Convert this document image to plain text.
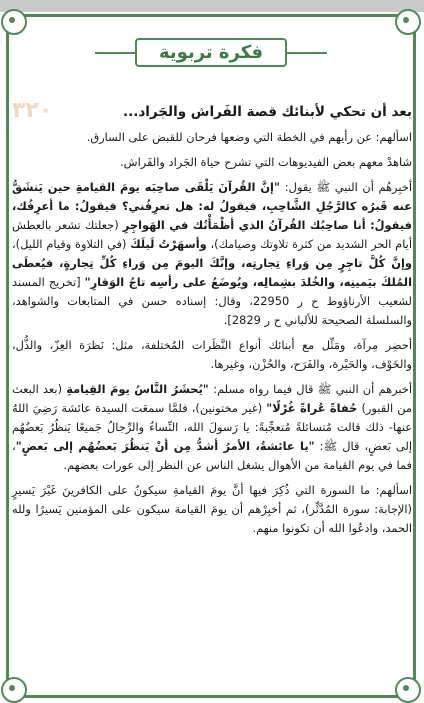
فكرة تربوية
٣٢٠	بعد أن تحكي لأبنائك قصة الفَراش والجَراد...

اسألهم: عن رأيهم في الخطة التي وضعها فرحان للقبض على السارق.

شاهدْ معهم بعض الفيديوهات التي تشرح حياة الجَراد والفَراش.

أخبِرهُم أن النبي ﷺ يقول: "إنَّ القُرآنَ يَلْقَى صاحِبَه يومَ القيامةِ حين يَنشَقُّ عنه قَبرُه كالرَّجُلِ الشَّاحِبِ، فيقولُ له: هل تعرِفُني؟ فيقولُ: ما أعرِفُك، فيقولُ: أنا صاحِبُك القُرآنُ الذي أظْمَأْتُك في الهَواجِرِ (جعلتك تشعر بالعطش أيام الحر الشديد من كثرة تلاوتك وصيامك)، وأسهَرْتُ لَيلَكَ (في التلاوة وقيام الليل)، وإنَّ كُلَّ تاجِرٍ مِن وَراءِ تِجارتِه، وإنَّكَ اليومَ مِن وَراءِ كُلِّ تِجارةٍ، فيُعطَى المُلكَ بيَمينِه، والخُلدَ بشِمالِه، ويُوضَعُ على رأسِه تاجُ الوَقارِ" [تخريج المسند لشعيب الأرناؤوط ح ر 22950، وقال: إسناده حسن في المتابعات والشواهد، والسلسلة الصحيحة للألباني ح ر 2829].

أحضِر مِرآة، ومَثِّل مع أبنائك أنواع النَّظَرات المُختلفة، مثل: نَظرَة العِزّ، والذُّل، والخَوْف، والحَيْرة، والفَرَح، والحُزْن، وغيرها.

أخبرهم أن النبي ﷺ قال فيما رواه مسلم: "يُحشَرُ النَّاسُ يومَ القِيامةِ (بعد البعث من القبور) حُفاةً عُراةً غُرْلًا" (غير مختونين)، فلمَّا سمعَت السيدة عائشة رَضِيَ اللهُ عنها- ذلك قالت مُتسائلةً مُتعجِّبةً: يا رَسولَ الله، النِّساءُ والرِّجالُ جَميعًا يَنظُرُ بَعضُهُم إلى بَعضٍ، قال ﷺ: "يا عائشةُ، الأمرُ أشدُّ مِن أنْ يَنظُرَ بَعضُهُم إلى بَعضٍ"، فما في يوم القيامة من الأهوال يشغل الناس عن النظر إلى عورات بعضهم.

اسألهم: ما السورة التي ذُكِرَ فيها أنَّ يومَ القيامةِ سيكونُ على الكافرينَ غَيْرَ يَسيرٍ (الإجابة: سورة المُدَّثِّر)، ثم أخبِرْهم أن يومَ القيامة سيكون على المؤمنين يَسيرًا ولله الحمد، وادعُوا الله أن تكونوا منهم.
